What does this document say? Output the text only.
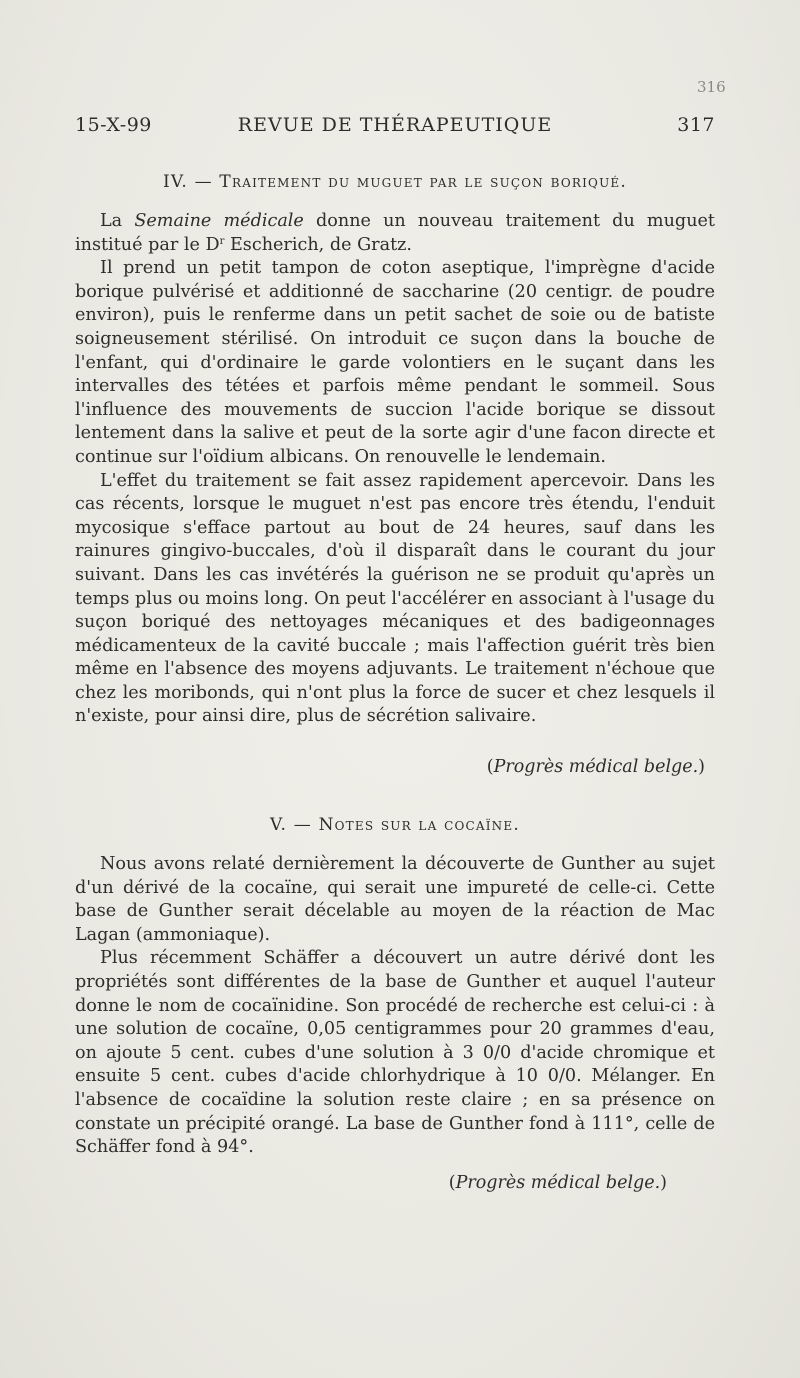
316
15-X-99	REVUE DE THÉRAPEUTIQUE	317
IV. — Traitement du muguet par le suçon boriqué.

La Semaine médicale donne un nouveau traitement du muguet institué par le $D^r$ Escherich, de Gratz.

Il prend un petit tampon de coton aseptique, l'imprègne d'acide borique pulvérisé et additionné de saccharine (20 centigr. de poudre environ), puis le renferme dans un petit sachet de soie ou de batiste soigneusement stérilisé. On introduit ce suçon dans la bouche de l'enfant, qui d'ordinaire le garde volontiers en le suçant dans les intervalles des tétées et parfois même pendant le sommeil. Sous l'influence des mouvements de succion l'acide borique se dissout lentement dans la salive et peut de la sorte agir d'une facon directe et continue sur l'oïdium albicans. On renouvelle le lendemain.

L'effet du traitement se fait assez rapidement apercevoir. Dans les cas récents, lorsque le muguet n'est pas encore très étendu, l'enduit mycosique s'efface partout au bout de 24 heures, sauf dans les rainures gingivo-buccales, d'où il disparaît dans le courant du jour suivant. Dans les cas invétérés la guérison ne se produit qu'après un temps plus ou moins long. On peut l'accélérer en associant à l'usage du suçon boriqué des nettoyages mécaniques et des badigeonnages médicamenteux de la cavité buccale ; mais l'affection guérit très bien même en l'absence des moyens adjuvants. Le traitement n'échoue que chez les moribonds, qui n'ont plus la force de sucer et chez lesquels il n'existe, pour ainsi dire, plus de sécrétion salivaire.

(Progrès médical belge.)
V. — Notes sur la cocaïne.

Nous avons relaté dernièrement la découverte de Gunther au sujet d'un dérivé de la cocaïne, qui serait une impureté de celle-ci. Cette base de Gunther serait décelable au moyen de la réaction de Mac Lagan (ammoniaque).

Plus récemment Schäffer a découvert un autre dérivé dont les propriétés sont différentes de la base de Gunther et auquel l'auteur donne le nom de cocaïnidine. Son procédé de recherche est celui-ci : à une solution de cocaïne, 0,05 centigrammes pour 20 grammes d'eau, on ajoute 5 cent. cubes d'une solution à 3 0/0 d'acide chromique et ensuite 5 cent. cubes d'acide chlorhydrique à 10 0/0. Mélanger. En l'absence de cocaïdine la solution reste claire ; en sa présence on constate un précipité orangé. La base de Gunther fond à 111°, celle de Schäffer fond à 94°.

(Progrès médical belge.)
